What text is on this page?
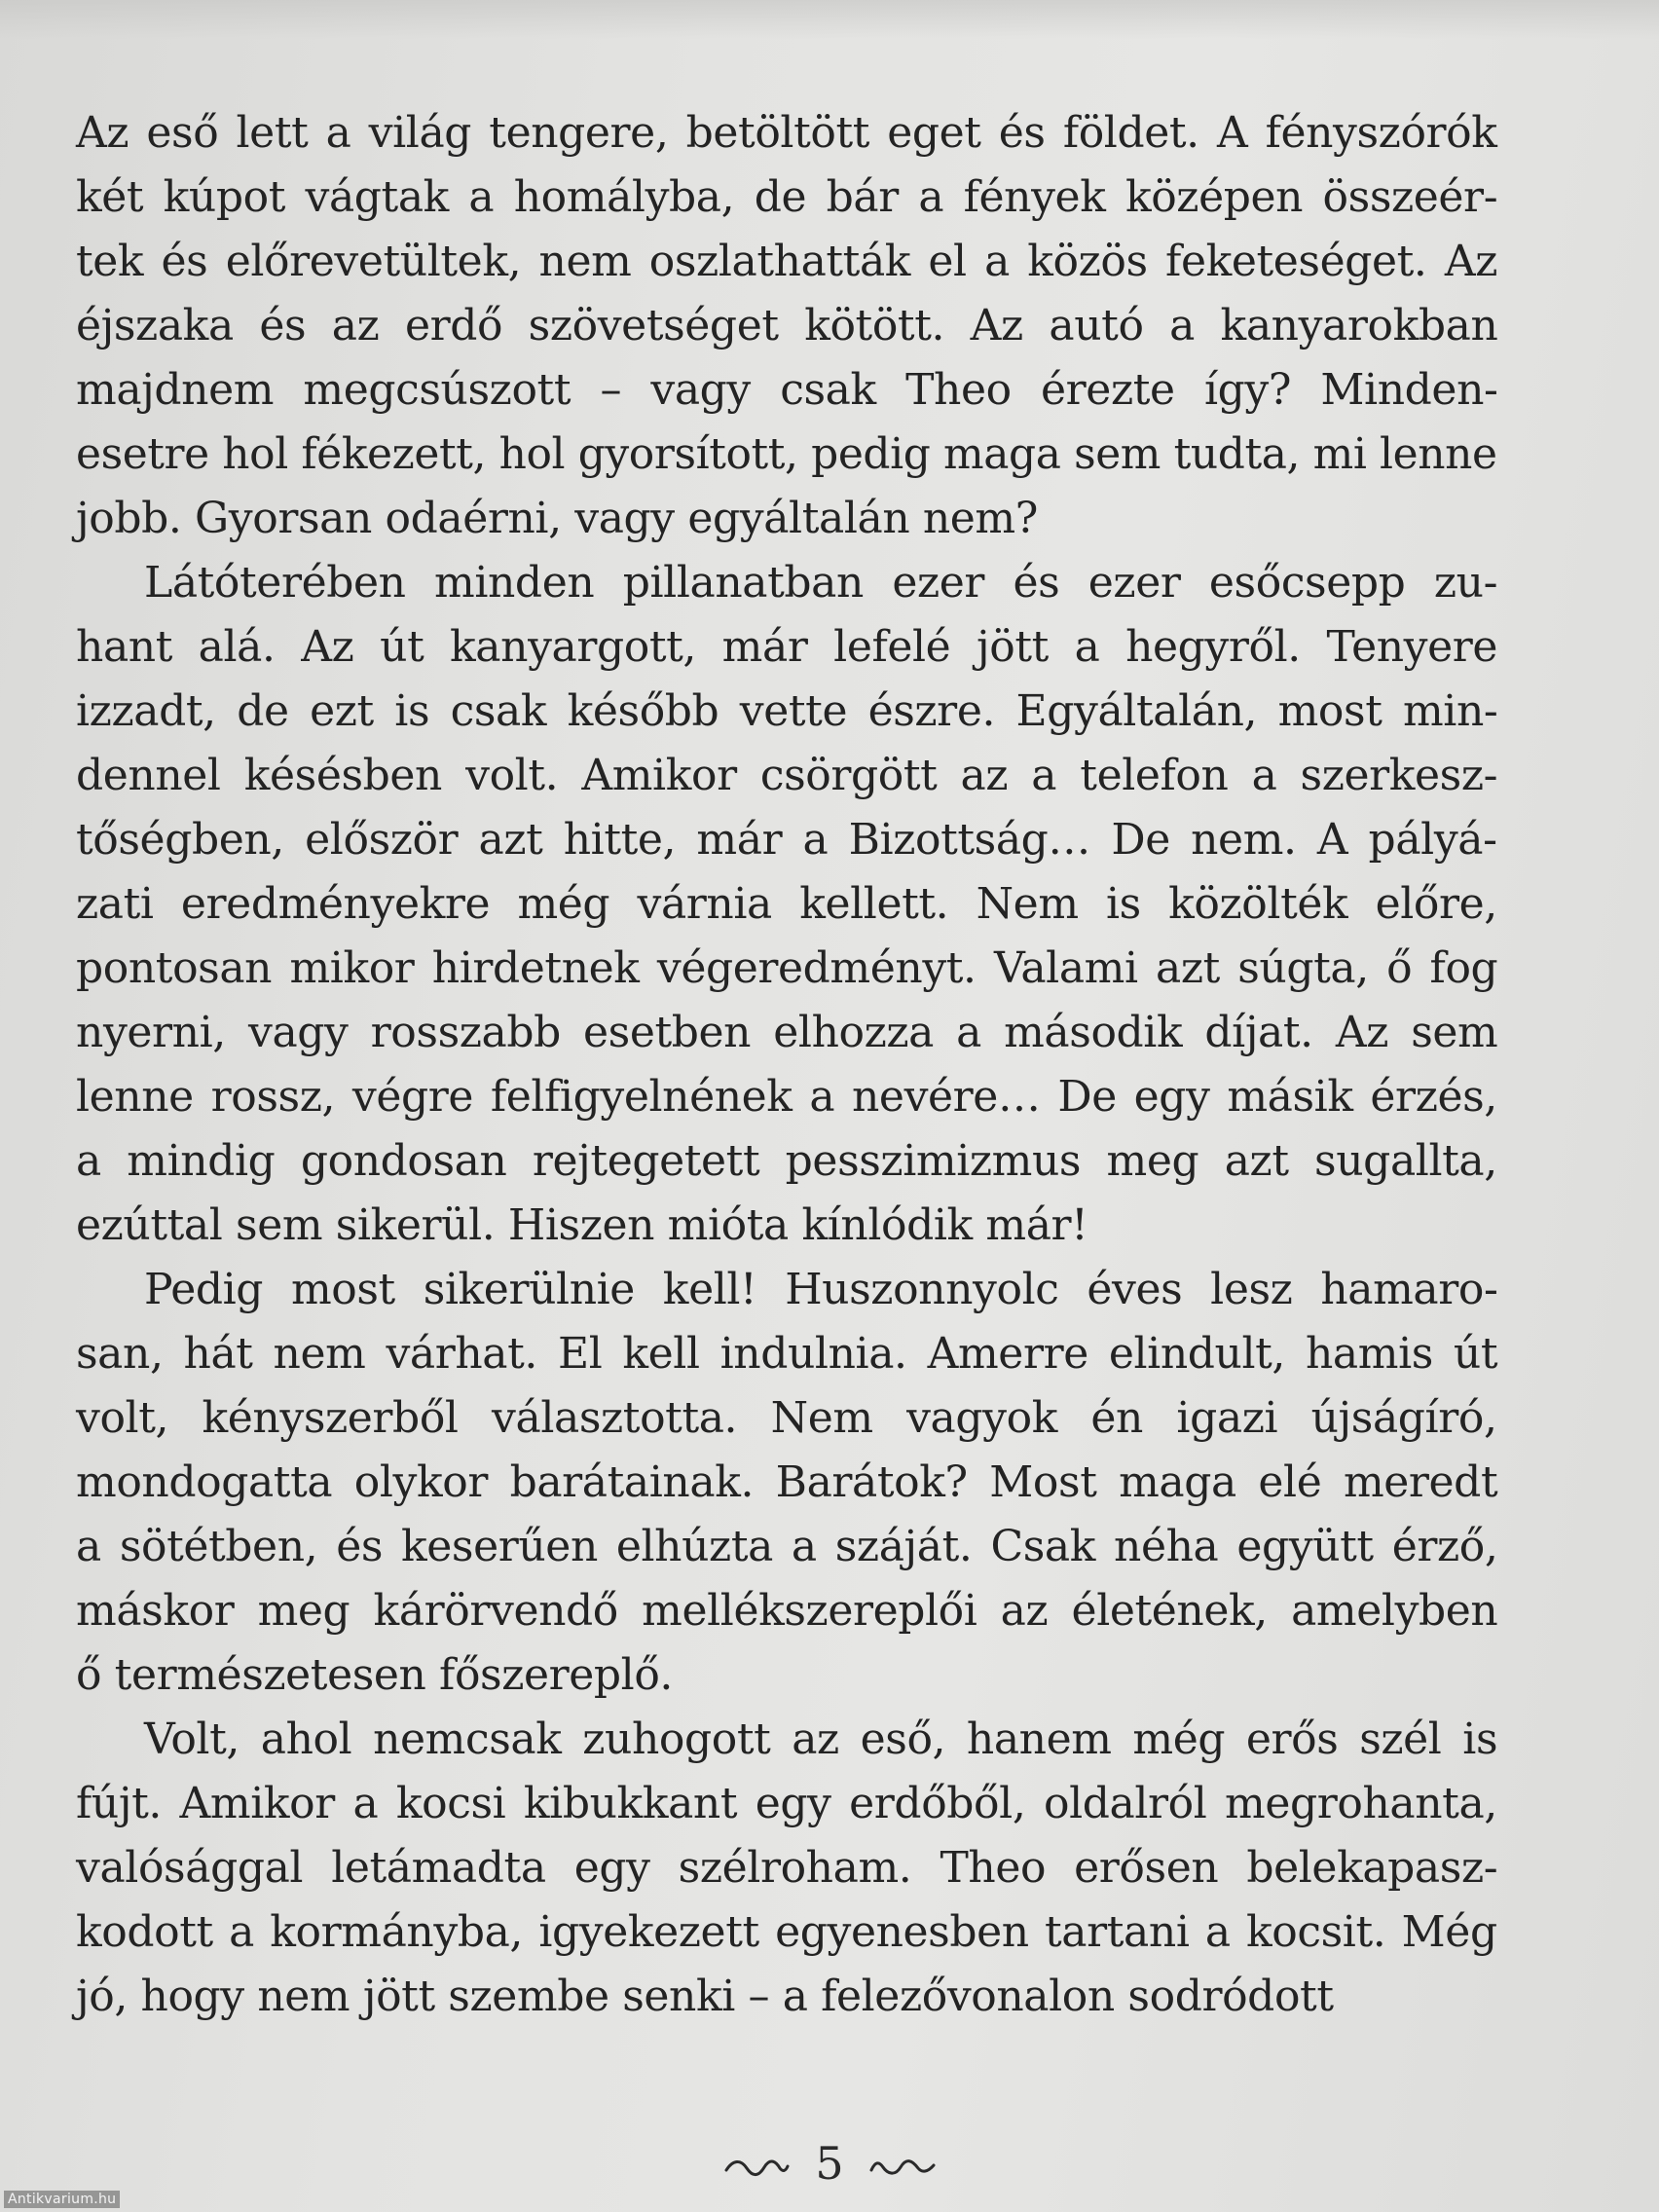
Az eső lett a világ tengere, betöltött eget és földet. A fényszórók
két kúpot vágtak a homályba, de bár a fények középen összeér-
tek és előrevetültek, nem oszlathatták el a közös feketeséget. Az
éjszaka és az erdő szövetséget kötött. Az autó a kanyarokban
majdnem megcsúszott – vagy csak Theo érezte így? Minden-
esetre hol fékezett, hol gyorsított, pedig maga sem tudta, mi lenne
jobb. Gyorsan odaérni, vagy egyáltalán nem?
Látóterében minden pillanatban ezer és ezer esőcsepp zu-
hant alá. Az út kanyargott, már lefelé jött a hegyről. Tenyere
izzadt, de ezt is csak később vette észre. Egyáltalán, most min-
dennel késésben volt. Amikor csörgött az a telefon a szerkesz-
tőségben, először azt hitte, már a Bizottság… De nem. A pályá-
zati eredményekre még várnia kellett. Nem is közölték előre,
pontosan mikor hirdetnek végeredményt. Valami azt súgta, ő fog
nyerni, vagy rosszabb esetben elhozza a második díjat. Az sem
lenne rossz, végre felfigyelnének a nevére… De egy másik érzés,
a mindig gondosan rejtegetett pesszimizmus meg azt sugallta,
ezúttal sem sikerül. Hiszen mióta kínlódik már!
Pedig most sikerülnie kell! Huszonnyolc éves lesz hamaro-
san, hát nem várhat. El kell indulnia. Amerre elindult, hamis út
volt, kényszerből választotta. Nem vagyok én igazi újságíró,
mondogatta olykor barátainak. Barátok? Most maga elé meredt
a sötétben, és keserűen elhúzta a száját. Csak néha együtt érző,
máskor meg kárörvendő mellékszereplői az életének, amelyben
ő természetesen főszereplő.
Volt, ahol nemcsak zuhogott az eső, hanem még erős szél is
fújt. Amikor a kocsi kibukkant egy erdőből, oldalról megrohanta,
valósággal letámadta egy szélroham. Theo erősen belekapasz-
kodott a kormányba, igyekezett egyenesben tartani a kocsit. Még
jó, hogy nem jött szembe senki – a felezővonalon sodródott
5
Antikvarium.hu
